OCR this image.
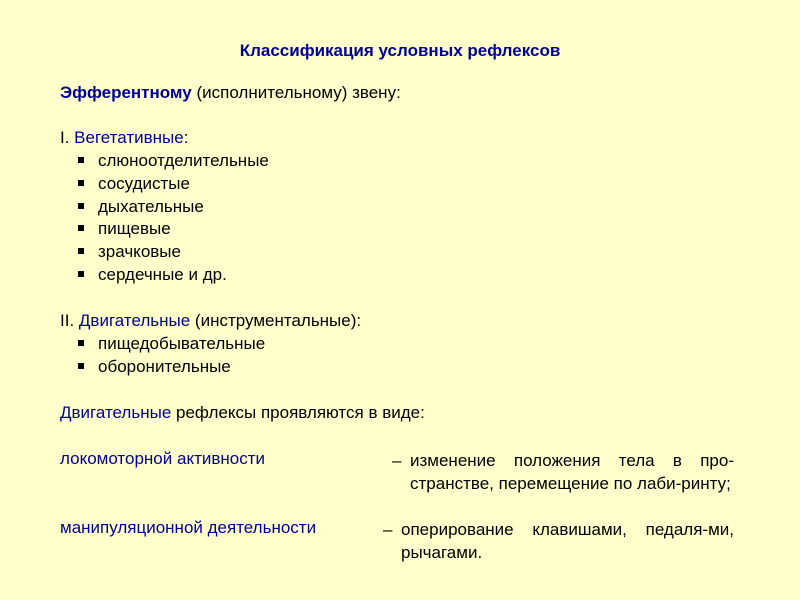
Классификация условных рефлексов
Эфферентному (исполнительному) звену:
I. Вегетативные:
слюноотделительные
сосудистые
дыхательные
пищевые
зрачковые
сердечные и др.
II. Двигательные (инструментальные):
пищедобывательные
оборонительные
Двигательные рефлексы проявляются в виде:
локомоторной активности	– изменение положения тела в про-странстве, перемещение по лаби-ринту;
манипуляционной деятельности	– оперирование клавишами, педаля-ми, рычагами.
